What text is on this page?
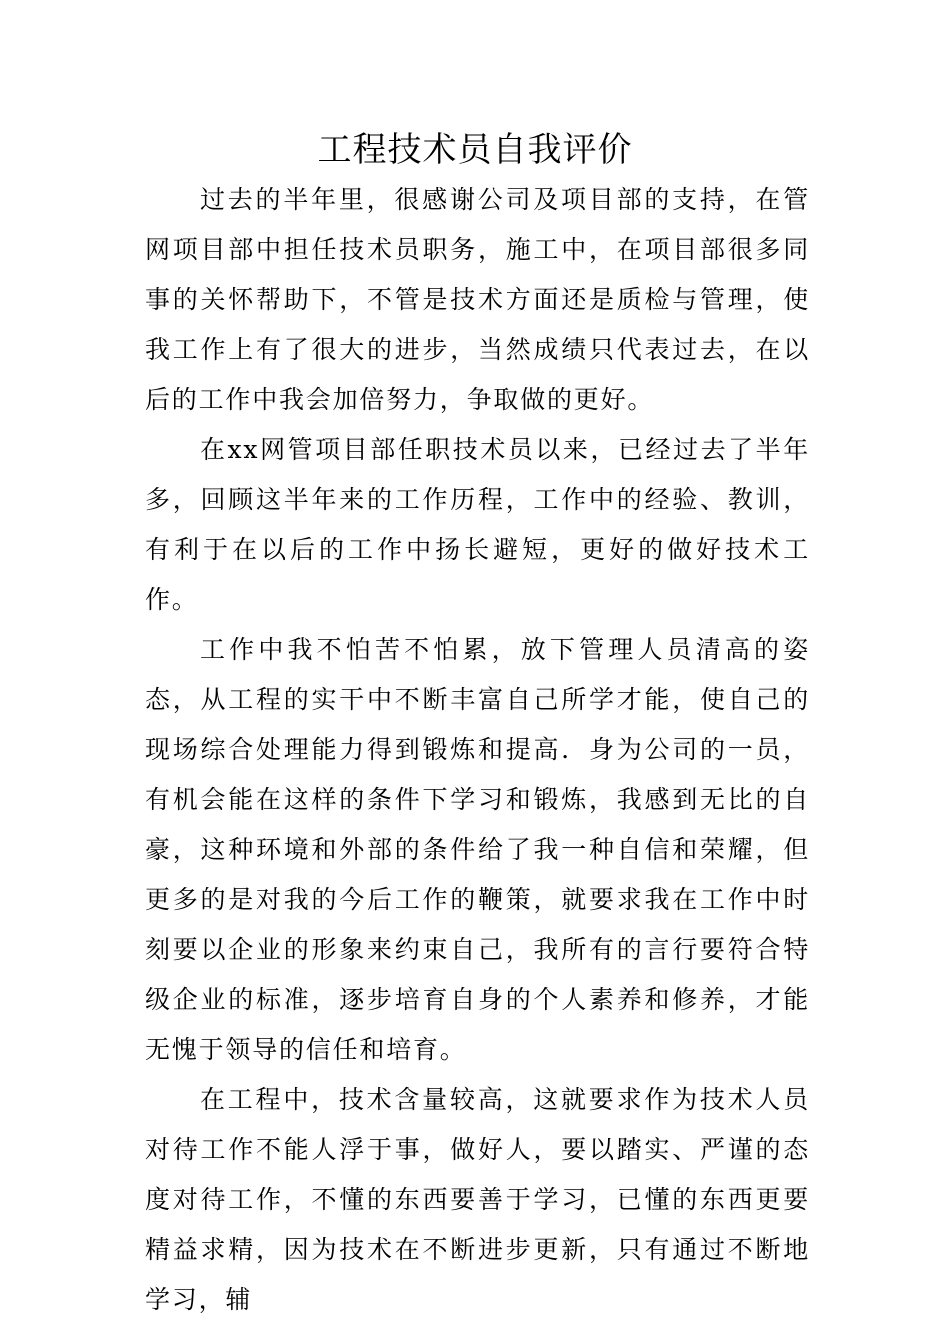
工程技术员自我评价

过去的半年里，很感谢公司及项目部的支持，在管网项目部中担任技术员职务，施工中，在项目部很多同事的关怀帮助下，不管是技术方面还是质检与管理，使我工作上有了很大的进步，当然成绩只代表过去，在以后的工作中我会加倍努力，争取做的更好。

在xx网管项目部任职技术员以来，已经过去了半年多，回顾这半年来的工作历程，工作中的经验、教训，有利于在以后的工作中扬长避短，更好的做好技术工作。

工作中我不怕苦不怕累，放下管理人员清高的姿态，从工程的实干中不断丰富自己所学才能，使自己的现场综合处理能力得到锻炼和提高．身为公司的一员，有机会能在这样的条件下学习和锻炼，我感到无比的自豪，这种环境和外部的条件给了我一种自信和荣耀，但更多的是对我的今后工作的鞭策，就要求我在工作中时刻要以企业的形象来约束自己，我所有的言行要符合特级企业的标准，逐步培育自身的个人素养和修养，才能无愧于领导的信任和培育。

在工程中，技术含量较高，这就要求作为技术人员对待工作不能人浮于事，做好人，要以踏实、严谨的态度对待工作，不懂的东西要善于学习，已懂的东西更要精益求精，因为技术在不断进步更新，只有通过不断地学习，辅
